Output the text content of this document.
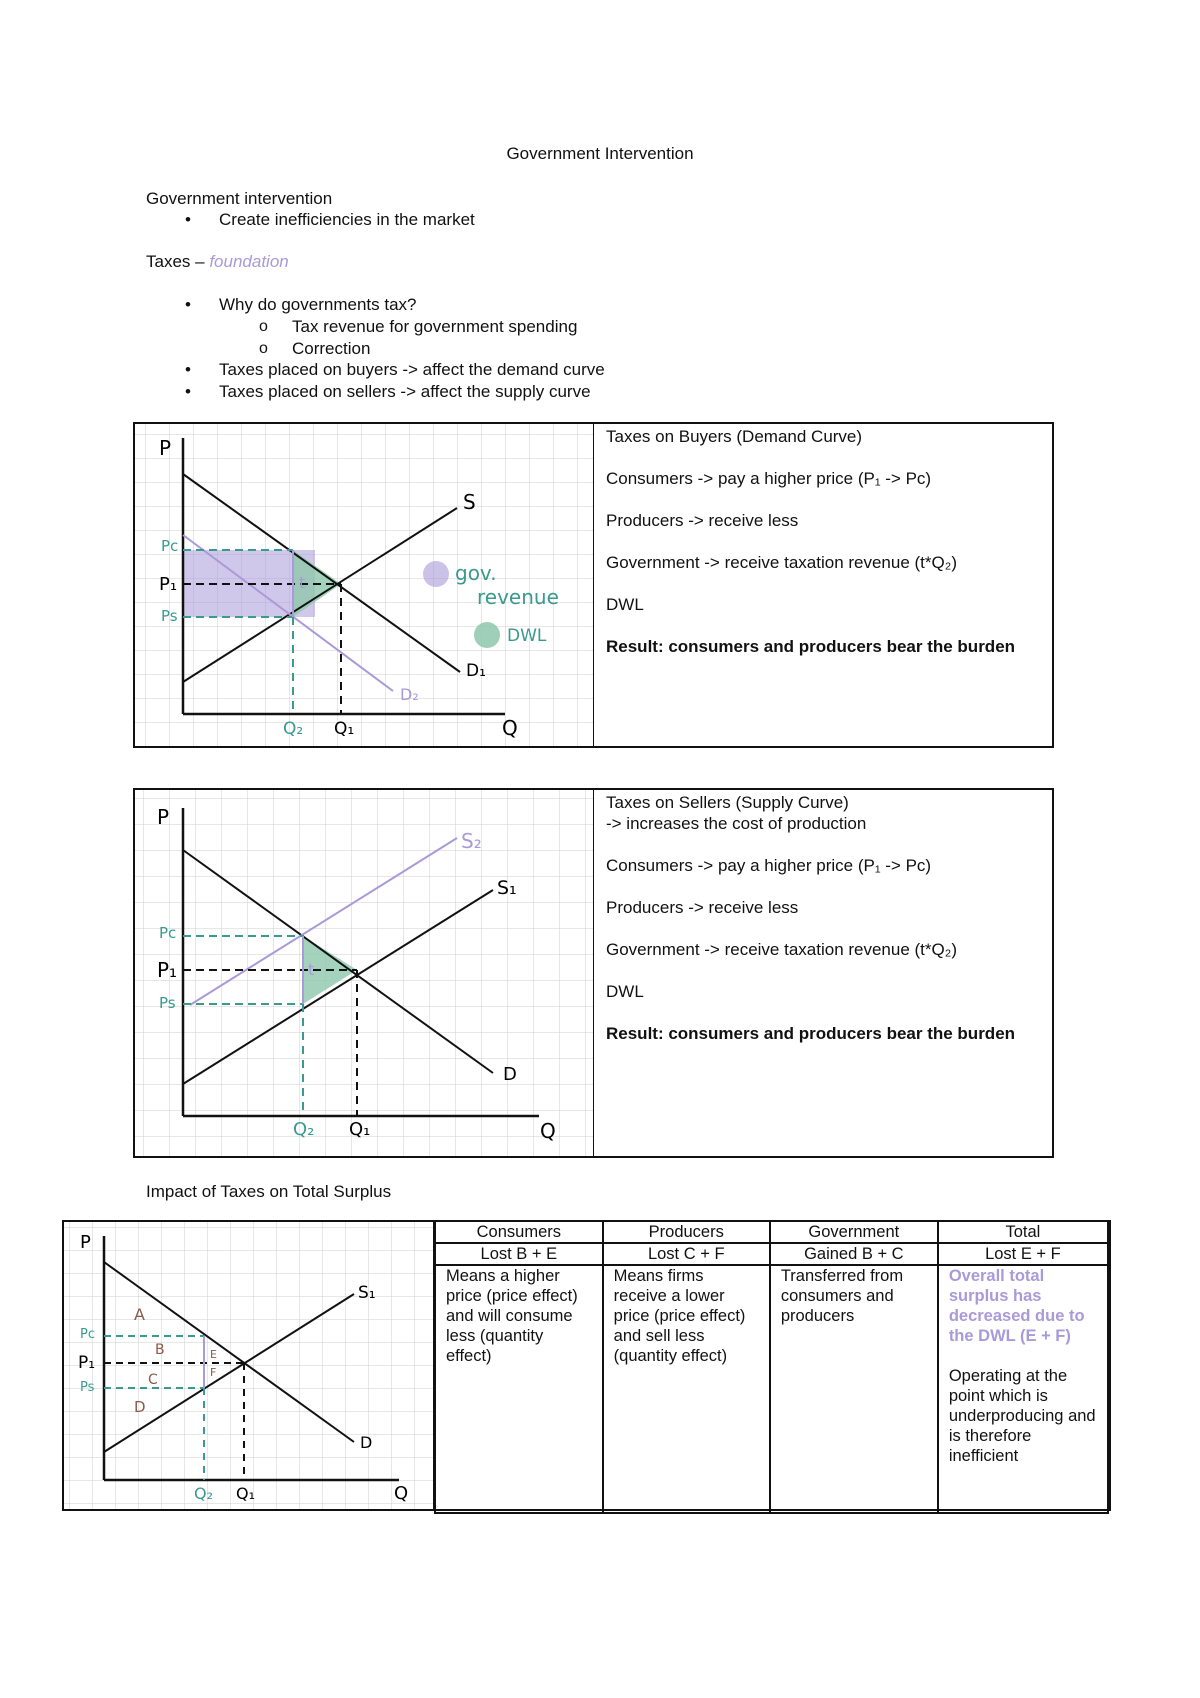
Government Intervention
Government intervention
• Create inefficiencies in the market
Taxes – foundation
• Why do governments tax?
o Tax revenue for government spending
o Correction
• Taxes placed on buyers -> affect the demand curve
• Taxes placed on sellers -> affect the supply curve
P
Q
S
D₁
D₂
Pc
P₁
Ps
Q₂ Q₁
t	gov.
revenue
DWL

Taxes on Buyers (Demand Curve)

Consumers -> pay a higher price (P₁ -> Pᴄ)

Producers -> receive less

Government -> receive taxation revenue (t*Q₂)

DWL

Result: consumers and producers bear the burden

P
Q
S₂
S₁
D
Pc
P₁
Ps
Q₂ Q₁
t
Taxes on Sellers (Supply Curve)

-> increases the cost of production

Consumers -> pay a higher price (P₁ -> Pᴄ)

Producers -> receive less

Government -> receive taxation revenue (t*Q₂)

DWL

Result: consumers and producers bear the burden

Impact of Taxes on Total Surplus
P
Q
S₁
D
Pc
P₁
Ps
Q₂ Q₁
A
B
C
D
E
F
Consumers	Producers	Government	Total
Lost B + E	Lost C + F	Gained B + C	Lost E + F
Means a higher price (price effect) and will consume less (quantity effect)	Means firms receive a lower price (price effect) and sell less (quantity effect)	Transferred from consumers and producers	Overall total surplus has decreased due to the DWL (E + F)
Operating at the point which is underproducing and is therefore inefficient
